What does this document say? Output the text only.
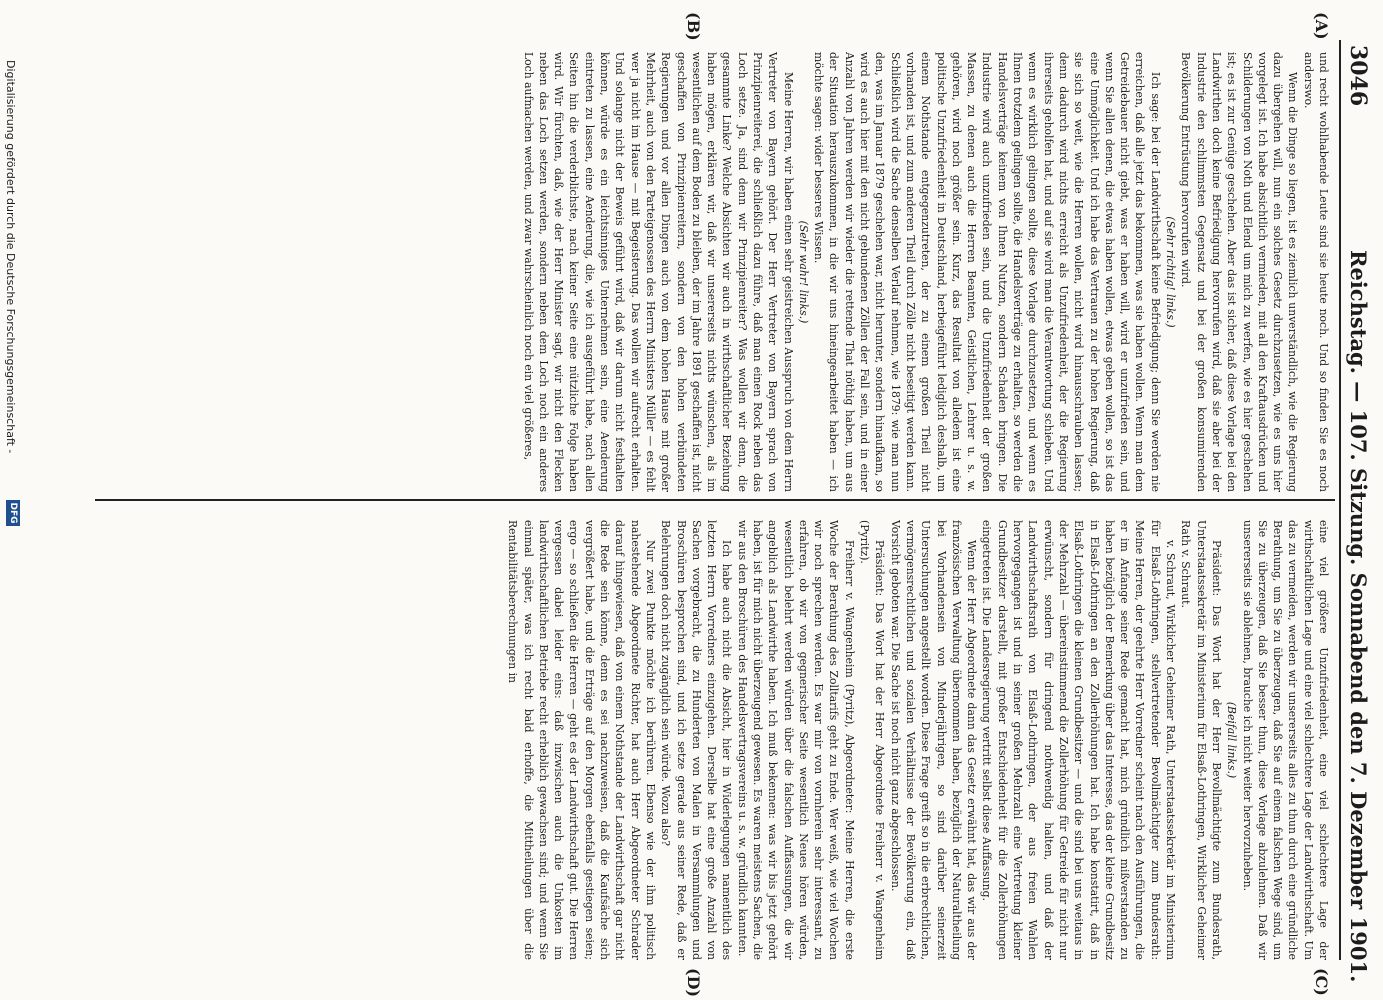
3046
Reichstag. — 107. Sitzung. Sonnabend den 7. Dezember 1901.
(A)
(B)
(C)
(D)

und recht wohlhabende Leute sind sie heute noch. Und so finden Sie es noch anderswo.

Wenn die Dinge so liegen, ist es ziemlich unverständlich, wie die Regierung dazu übergehen will, nun ein solches Gesetz durchzusetzen, wie es uns hier vorgelegt ist. Ich habe absichtlich vermieden, mit all den Kraftausdrücken und Schilderungen von Noth und Elend um mich zu werfen, wie es hier geschehen ist; es ist zur Genüge geschehen. Aber das ist sicher, daß diese Vorlage bei den Landwirthen doch keine Befriedigung hervorrufen wird, daß sie aber bei der Industrie den schlimmsten Gegensatz und bei der großen konsumirenden Bevölkerung Entrüstung hervorrufen wird.

(Sehr richtig! links.)

Ich sage: bei der Landwirthschaft keine Befriedigung; denn Sie werden nie erreichen, daß alle jetzt das bekommen, was sie haben wollen. Wenn man dem Getreidebauer nicht giebt, was er haben will, wird er unzufrieden sein, und wenn Sie allen denen, die etwas haben wollen, etwas geben wollen, so ist das eine Unmöglichkeit. Und ich habe das Vertrauen zu der hohen Regierung, daß sie sich so weit, wie die Herren wollen, nicht wird hinausschrauben lassen; denn dadurch wird nichts erreicht als Unzufriedenheit, der die Regierung ihrerseits geholfen hat, und auf sie wird man die Verantwortung schieben. Und wenn es wirklich gelingen sollte, diese Vorlage durchzusetzen, und wenn es Ihnen trotzdem gelingen sollte, die Handelsverträge zu erhalten, so werden die Handelsverträge keinem von Ihnen Nutzen, sondern Schaden bringen. Die Industrie wird auch unzufrieden sein, und die Unzufriedenheit der großen Massen, zu denen auch die Herren Beamten, Geistlichen, Lehrer u. s. w. gehören, wird noch größer sein. Kurz, das Resultat von alledem ist eine politische Unzufriedenheit in Deutschland, herbeigeführt lediglich deshalb, um einem Nothstande entgegenzutreten, der zu einem großen Theil nicht vorhanden ist, und zum anderen Theil durch Zölle nicht beseitigt werden kann. Schließlich wird die Sache denselben Verlauf nehmen, wie 1879: wie man nun den, was im Januar 1879 geschehen war, nicht herunter, sondern hinaufkam, so wird es auch hier mit den nicht gebundenen Zöllen der Fall sein, und in einer Anzahl von Jahren werden wir wieder die rettende That nöthig haben, um aus der Situation herauszukommen, in die wir uns hineingearbeitet haben — ich möchte sagen: wider besseres Wissen.

(Sehr wahr! links.)

Meine Herren, wir haben einen sehr geistreichen Ausspruch von dem Herrn Vertreter von Bayern gehört. Der Herr Vertreter von Bayern sprach von Prinzipienreiterei, die schließlich dazu führe, daß man einen Rock neben das Loch setze. Ja, sind denn wir Prinzipienreiter? Was wollen wir denn, die gesammte Linke? Welche Absichten wir auch in wirthschaftlicher Beziehung haben mögen, erklären wir, daß wir unsererseits nichts wünschen, als im wesentlichen auf dem Boden zu bleiben, der im Jahre 1891 geschaffen ist, nicht geschaffen von Prinzipienreitern, sondern von den hohen verbündeten Regierungen und vor allen Dingen auch von dem hohen Hause mit großer Mehrheit, auch von den Parteigenossen des Herrn Ministers Müller — es fehlt wer ja nicht im Hause — mit Begeisterung. Das wollen wir aufrecht erhalten. Und solange nicht der Beweis geführt wird, daß wir darum nicht festhalten können, würde es ein leichtsinniges Unternehmen sein, eine Aenderung eintreten zu lassen, eine Aenderung, die, wie ich ausgeführt habe, nach allen Seiten hin die verderblichste, nach keiner Seite eine nützliche Folge haben wird. Wir fürchten, daß, wie der Herr Minister sagt, wir nicht den Flecken neben das Loch setzen werden, sondern neben dem Loch noch ein anderes Loch aufmachen werden, und zwar wahrscheinlich noch ein viel größeres,

eine viel größere Unzufriedenheit, eine viel schlechtere Lage der wirthschaftlichen Lage und eine viel schlechtere Lage der Landwirthschaft. Um das zu vermeiden, werden wir unsererseits alles zu thun durch eine gründliche Berathung, um Sie zu überzeugen, daß Sie auf einem falschen Wege sind, um Sie zu überzeugen, daß Sie besser thun, diese Vorlage abzulehnen. Daß wir unsererseits sie ablehnen, brauche ich nicht weiter hervorzuheben.

(Beifall links.)

Präsident: Das Wort hat der Herr Bevollmächtigte zum Bundesrath, Unterstaatssekretär im Ministerium für Elsaß-Lothringen, Wirklicher Geheimer Rath v. Schraut.

v. Schraut, Wirklicher Geheimer Rath, Unterstaatssekretär im Ministerium für Elsaß-Lothringen, stellvertretender Bevollmächtigter zum Bundesrath: Meine Herren, der geehrte Herr Vorredner scheint nach den Ausführungen, die er im Anfange seiner Rede gemacht hat, mich gründlich mißverstanden zu haben bezüglich der Bemerkung über das Interesse, das der kleine Grundbesitz in Elsaß-Lothringen an den Zollerhöhungen hat. Ich habe konstatirt, daß in Elsaß-Lothringen die kleinen Grundbesitzer — und die sind bei uns weitaus in der Mehrzahl — übereinstimmend die Zollerhöhung für Getreide für nicht nur erwünscht, sondern für dringend nothwendig halten, und daß der Landwirthschaftsrath von Elsaß-Lothringen, der aus freien Wahlen hervorgegangen ist und in seiner großen Mehrzahl eine Vertretung kleiner Grundbesitzer darstellt, mit großer Entschiedenheit für die Zollerhöhungen eingetreten ist. Die Landesregierung vertritt selbst diese Auffassung.

Wenn der Herr Abgeordnete dann das Gesetz erwähnt hat, das wir aus der französischen Verwaltung übernommen haben, bezüglich der Naturaltheilung bei Vorhandensein von Minderjährigen, so sind darüber seinerzeit Untersuchungen angestellt worden. Diese Frage greift so in die erbrechtlichen, vermögensrechtlichen und sozialen Verhältnisse der Bevölkerung ein, daß Vorsicht geboten war. Die Sache ist noch nicht ganz abgeschlossen.

Präsident: Das Wort hat der Herr Abgeordnete Freiherr v. Wangenheim (Pyritz).

Freiherr v. Wangenheim (Pyritz), Abgeordneter: Meine Herren, die erste Woche der Berathung des Zolltarifs geht zu Ende. Wer weiß, wie viel Wochen wir noch sprechen werden. Es war mir von vornherein sehr interessant, zu erfahren, ob wir von gegnerischer Seite wesentlich Neues hören würden, wesentlich belehrt werden würden über die falschen Auffassungen, die wir angeblich als Landwirthe haben. Ich muß bekennen: was wir bis jetzt gehört haben, ist für mich nicht überzeugend gewesen. Es waren meistens Sachen, die wir aus den Broschüren des Handelsvertragsvereins u. s. w. gründlich kannten.

Ich habe auch nicht die Absicht, hier in Widerlegungen namentlich des letzten Herrn Vorredners einzugehen. Derselbe hat eine große Anzahl von Sachen vorgebracht, die zu Hunderten von Malen in Versammlungen und Broschüren besprochen sind, und ich setze gerade aus seiner Rede, daß er Belehrungen doch nicht zugänglich sein würde. Wozu also?

Nur zwei Punkte möchte ich berühren. Ebenso wie der ihm politisch nahestehende Abgeordnete Richter, hat auch Herr Abgeordneter Schrader darauf hingewiesen, daß von einem Nothstande der Landwirthschaft gar nicht die Rede sein könne, denn es sei nachzuweisen, daß die Kaufsäche sich vergrößert habe, und die Erträge auf den Morgen ebenfalls gestiegen seien; ergo — so schließen die Herren — geht es der Landwirthschaft gut. Die Herren vergessen dabei leider eins: daß inzwischen auch die Unkosten im landwirthschaftlichen Betriebe recht erheblich gewachsen sind; und wenn Sie einmal später, was ich recht bald erhoffe, die Mittheilungen über die Rentabilitätsberechnungen in

Digitalisierung gefördert durch die Deutsche Forschungsgemeinschaft -
DFG
